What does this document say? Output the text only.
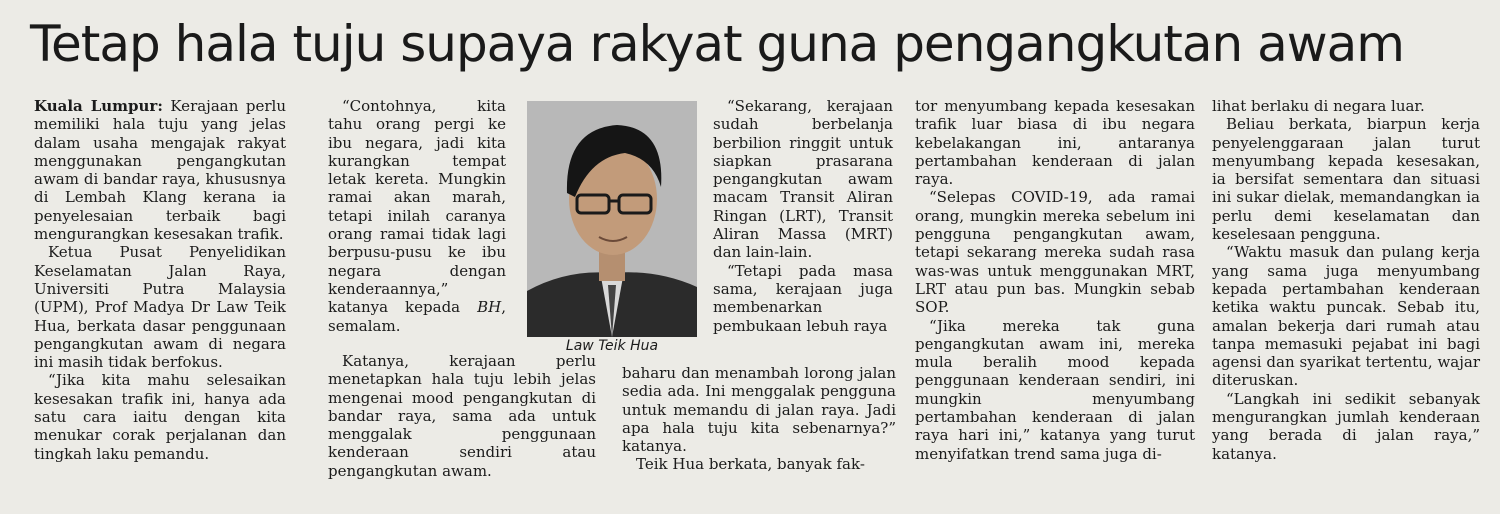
Tetap hala tuju supaya rakyat guna pengangkutan awam

Kuala Lumpur: Kerajaan perlu memiliki hala tuju yang jelas dalam usaha mengajak rakyat menggunakan pengangkutan awam di bandar raya, khususnya di Lembah Klang kerana ia penyelesaian terbaik bagi mengurangkan kesesakan trafik.

Ketua Pusat Penyelidikan Keselamatan Jalan Raya, Universiti Putra Malaysia (UPM), Prof Madya Dr Law Teik Hua, berkata dasar penggunaan pengangkutan awam di negara ini masih tidak berfokus.

“Jika kita mahu selesaikan kesesakan trafik ini, hanya ada satu cara iaitu dengan kita menukar corak perjalanan dan tingkah laku pemandu.

“Contohnya, kita tahu orang pergi ke ibu negara, jadi kita kurangkan tempat letak kereta. Mungkin ramai akan marah, tetapi inilah caranya orang ramai tidak lagi berpusu-pusu ke ibu negara dengan kenderaannya,” katanya kepada BH, semalam.

Katanya, kerajaan perlu menetapkan hala tuju lebih jelas mengenai mood pengangkutan di bandar raya, sama ada untuk menggalak penggunaan kenderaan sendiri atau pengangkutan awam.

Law Teik Hua

“Sekarang, kerajaan sudah berbelanja berbilion ringgit untuk siapkan prasarana pengangkutan awam macam Transit Aliran Ringan (LRT), Transit Aliran Massa (MRT) dan lain-lain.

“Tetapi pada masa sama, kerajaan juga membenarkan pembukaan lebuh raya

baharu dan menambah lorong jalan sedia ada. Ini menggalak pengguna untuk memandu di jalan raya. Jadi apa hala tuju kita sebenarnya?” katanya.

Teik Hua berkata, banyak fak-

tor menyumbang kepada kesesakan trafik luar biasa di ibu negara kebelakangan ini, antaranya pertambahan kenderaan di jalan raya.

“Selepas COVID-19, ada ramai orang, mungkin mereka sebelum ini pengguna pengangkutan awam, tetapi sekarang mereka sudah rasa was-was untuk menggunakan MRT, LRT atau pun bas. Mungkin sebab SOP.

“Jika mereka tak guna pengangkutan awam ini, mereka mula beralih mood kepada penggunaan kenderaan sendiri, ini mungkin menyumbang pertambahan kenderaan di jalan raya hari ini,” katanya yang turut menyifatkan trend sama juga di-

lihat berlaku di negara luar.

Beliau berkata, biarpun kerja penyelenggaraan jalan turut menyumbang kepada kesesakan, ia bersifat sementara dan situasi ini sukar dielak, memandangkan ia perlu demi keselamatan dan keselesaan pengguna.

“Waktu masuk dan pulang kerja yang sama juga menyumbang kepada pertambahan kenderaan ketika waktu puncak. Sebab itu, amalan bekerja dari rumah atau tanpa memasuki pejabat ini bagi agensi dan syarikat tertentu, wajar diteruskan.

“Langkah ini sedikit sebanyak mengurangkan jumlah kenderaan yang berada di jalan raya,” katanya.
